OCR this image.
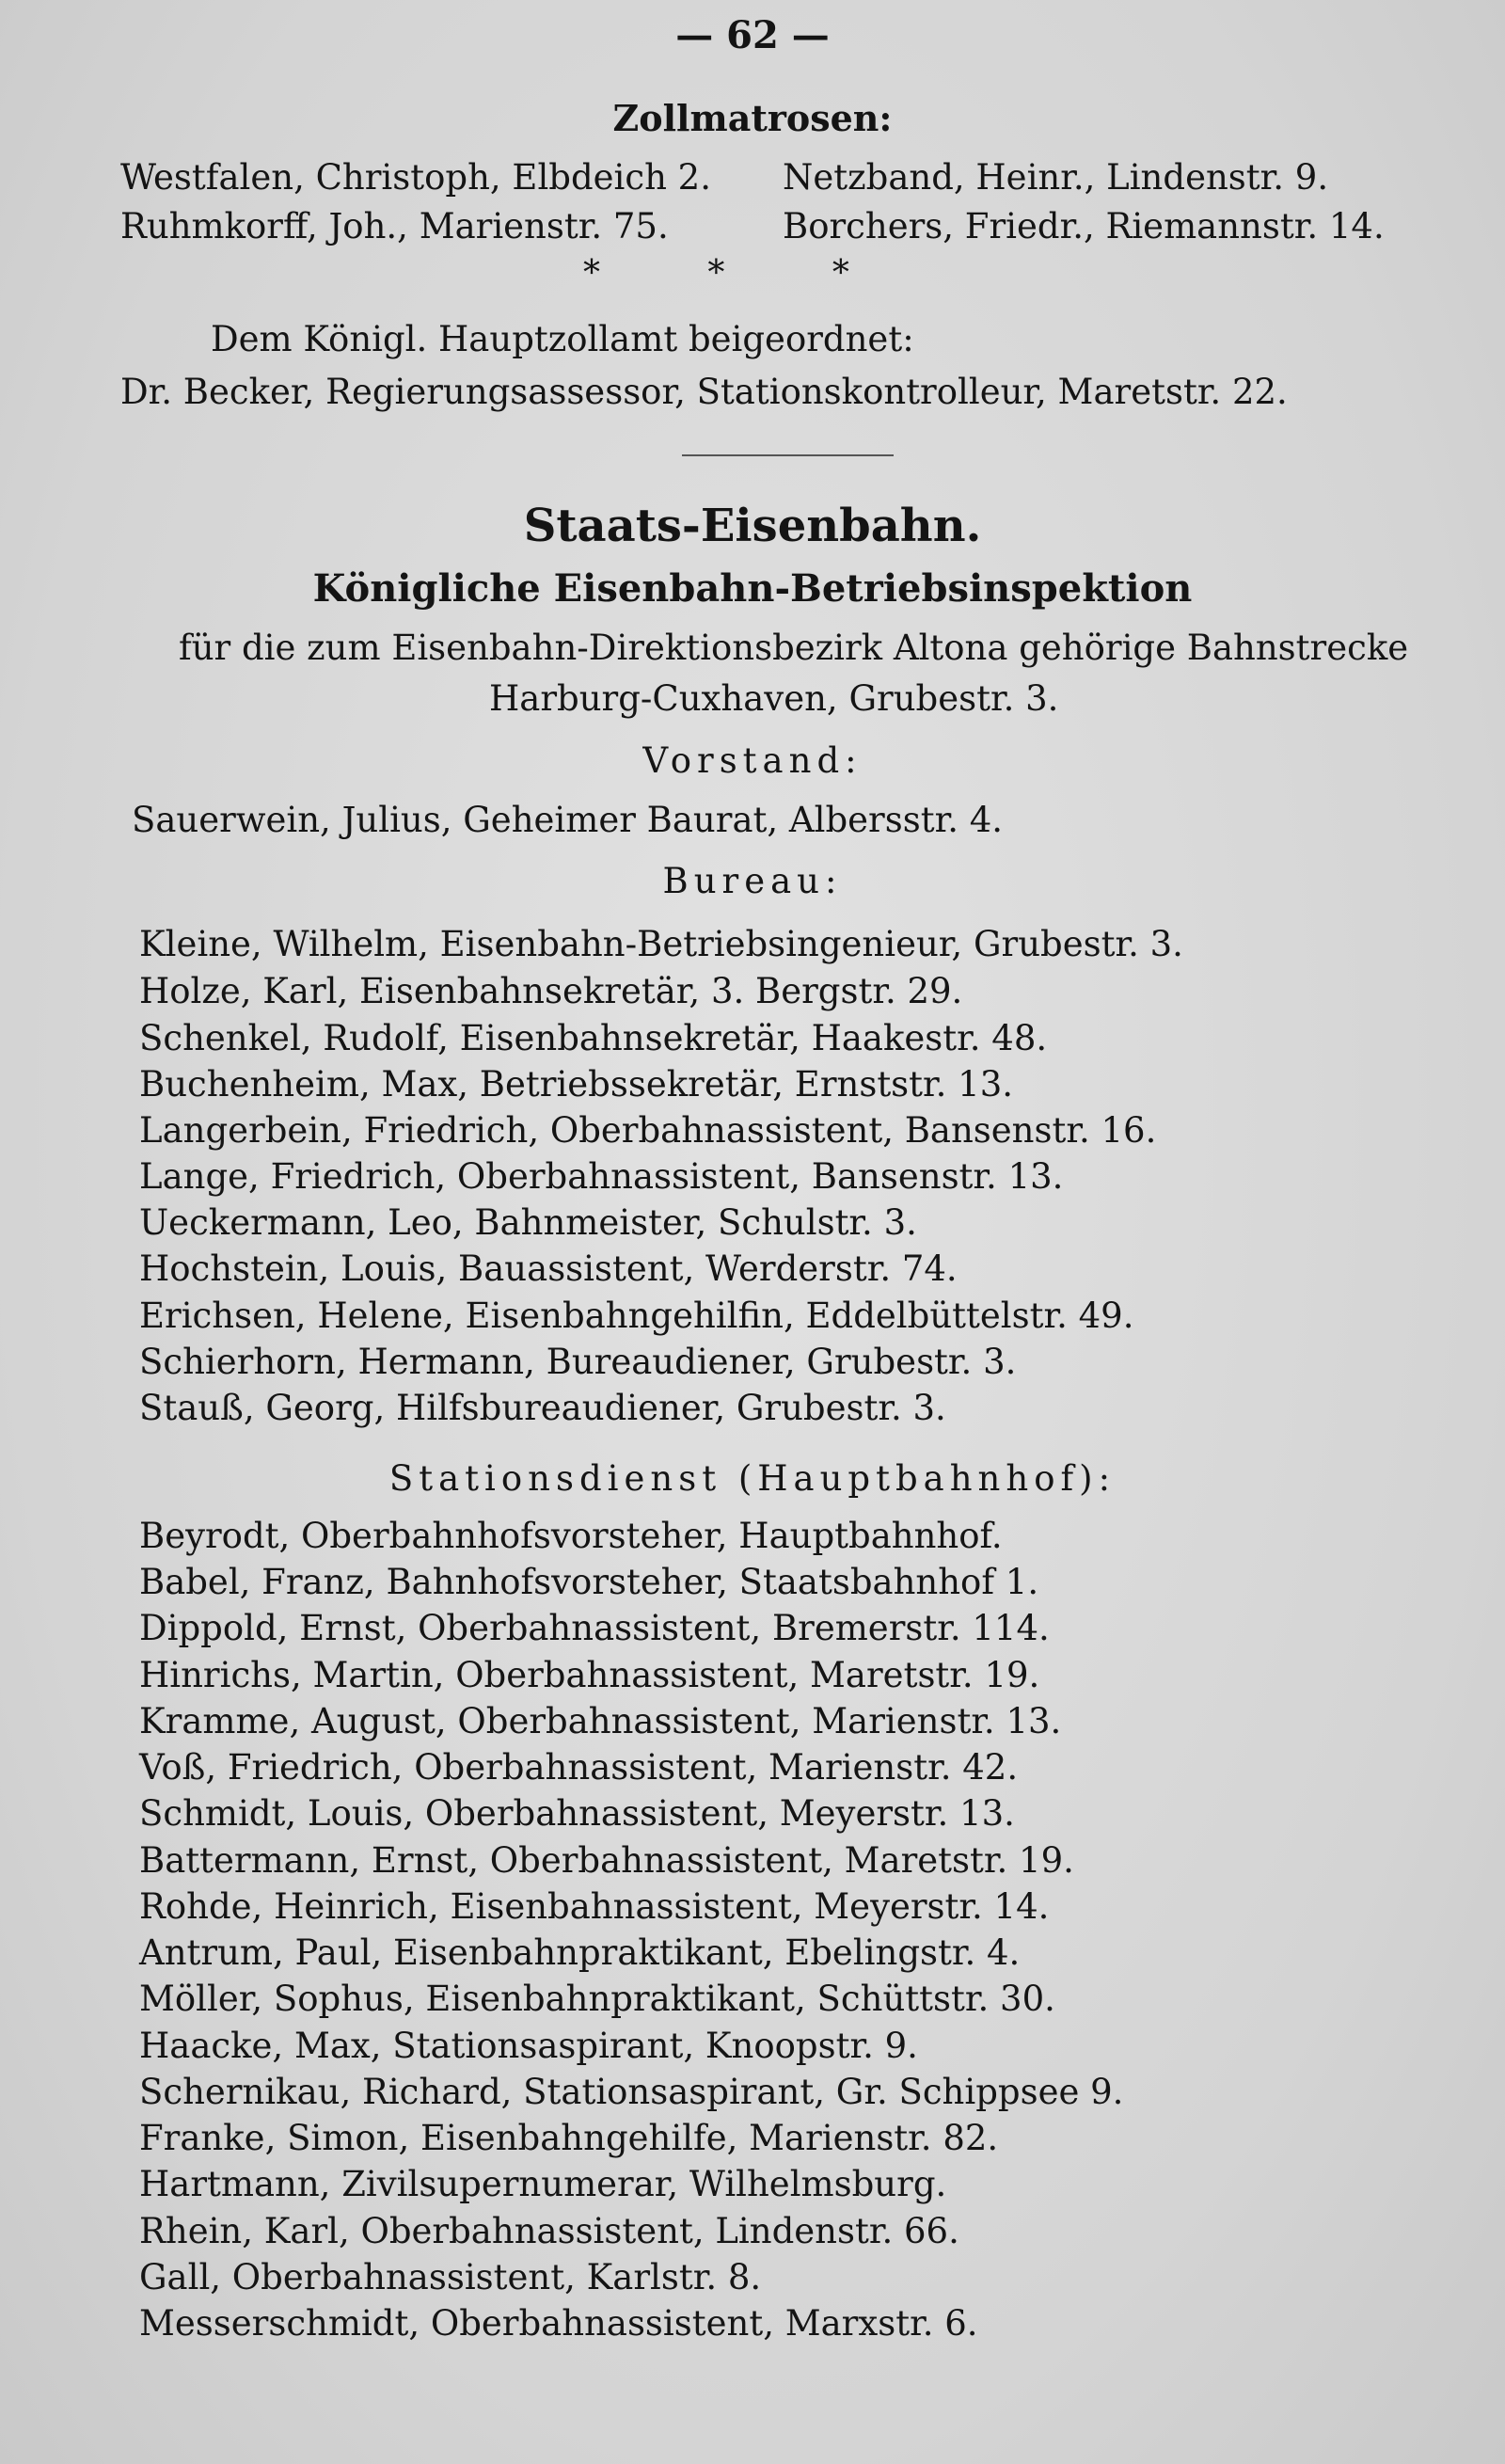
— 62 —
Zollmatrosen:
Westfalen, Christoph, Elbdeich 2. Netzband, Heinr., Lindenstr. 9.
Ruhmkorff, Joh., Marienstr. 75.	Borchers, Friedr., Riemannstr. 14.
*          *          *
Dem Königl. Hauptzollamt beigeordnet:
Dr. Becker, Regierungsassessor, Stationskontrolleur, Maretstr. 22.
Staats-Eisenbahn.
Königliche Eisenbahn-Betriebsinspektion
für die zum Eisenbahn-Direktionsbezirk Altona gehörige Bahnstrecke
Harburg-Cuxhaven, Grubestr. 3.
Vorstand:
Sauerwein, Julius, Geheimer Baurat, Albersstr. 4.
Bureau:
Kleine, Wilhelm, Eisenbahn-Betriebsingenieur, Grubestr. 3.
Holze, Karl, Eisenbahnsekretär, 3. Bergstr. 29.
Schenkel, Rudolf, Eisenbahnsekretär, Haakestr. 48.
Buchenheim, Max, Betriebssekretär, Ernststr. 13.
Langerbein, Friedrich, Oberbahnassistent, Bansenstr. 16.
Lange, Friedrich, Oberbahnassistent, Bansenstr. 13.
Ueckermann, Leo, Bahnmeister, Schulstr. 3.
Hochstein, Louis, Bauassistent, Werderstr. 74.
Erichsen, Helene, Eisenbahngehilfin, Eddelbüttelstr. 49.
Schierhorn, Hermann, Bureaudiener, Grubestr. 3.
Stauß, Georg, Hilfsbureaudiener, Grubestr. 3.
Stationsdienst (Hauptbahnhof):
Beyrodt, Oberbahnhofsvorsteher, Hauptbahnhof.
Babel, Franz, Bahnhofsvorsteher, Staatsbahnhof 1.
Dippold, Ernst, Oberbahnassistent, Bremerstr. 114.
Hinrichs, Martin, Oberbahnassistent, Maretstr. 19.
Kramme, August, Oberbahnassistent, Marienstr. 13.
Voß, Friedrich, Oberbahnassistent, Marienstr. 42.
Schmidt, Louis, Oberbahnassistent, Meyerstr. 13.
Battermann, Ernst, Oberbahnassistent, Maretstr. 19.
Rohde, Heinrich, Eisenbahnassistent, Meyerstr. 14.
Antrum, Paul, Eisenbahnpraktikant, Ebelingstr. 4.
Möller, Sophus, Eisenbahnpraktikant, Schüttstr. 30.
Haacke, Max, Stationsaspirant, Knoopstr. 9.
Schernikau, Richard, Stationsaspirant, Gr. Schippsee 9.
Franke, Simon, Eisenbahngehilfe, Marienstr. 82.
Hartmann, Zivilsupernumerar, Wilhelmsburg.
Rhein, Karl, Oberbahnassistent, Lindenstr. 66.
Gall, Oberbahnassistent, Karlstr. 8.
Messerschmidt, Oberbahnassistent, Marxstr. 6.
